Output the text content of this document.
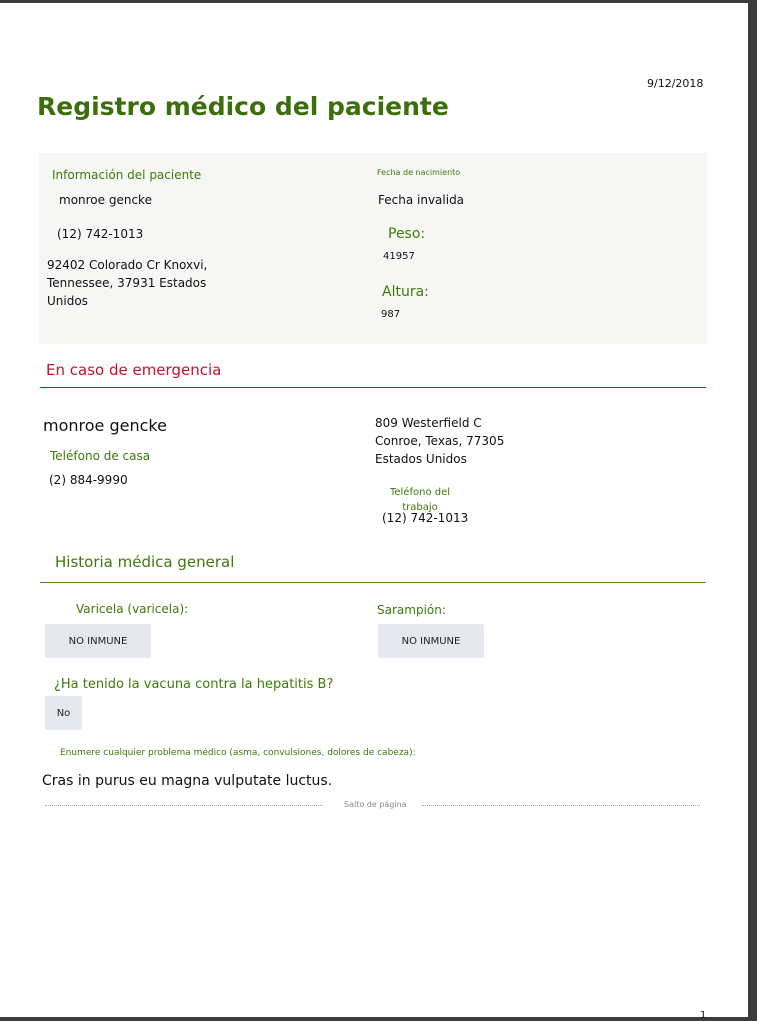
9/12/2018
Registro médico del paciente
Información del paciente
monroe gencke
(12) 742-1013
92402 Colorado Cr Knoxvi, Tennessee, 37931 Estados Unidos
Fecha de nacimiento
Fecha invalida
Peso:
41957
Altura:
987
En caso de emergencia
monroe gencke
Teléfono de casa
(2) 884-9990
809 Westerfield C Conroe, Texas, 77305 Estados Unidos
Teléfono del trabajo
(12) 742-1013
Historia médica general
Varicela (varicela):
NO INMUNE
Sarampión:
NO INMUNE
¿Ha tenido la vacuna contra la hepatitis B?
No
Enumere cualquier problema médico (asma, convulsiones, dolores de cabeza):
Cras in purus eu magna vulputate luctus.
Salto de página
1
